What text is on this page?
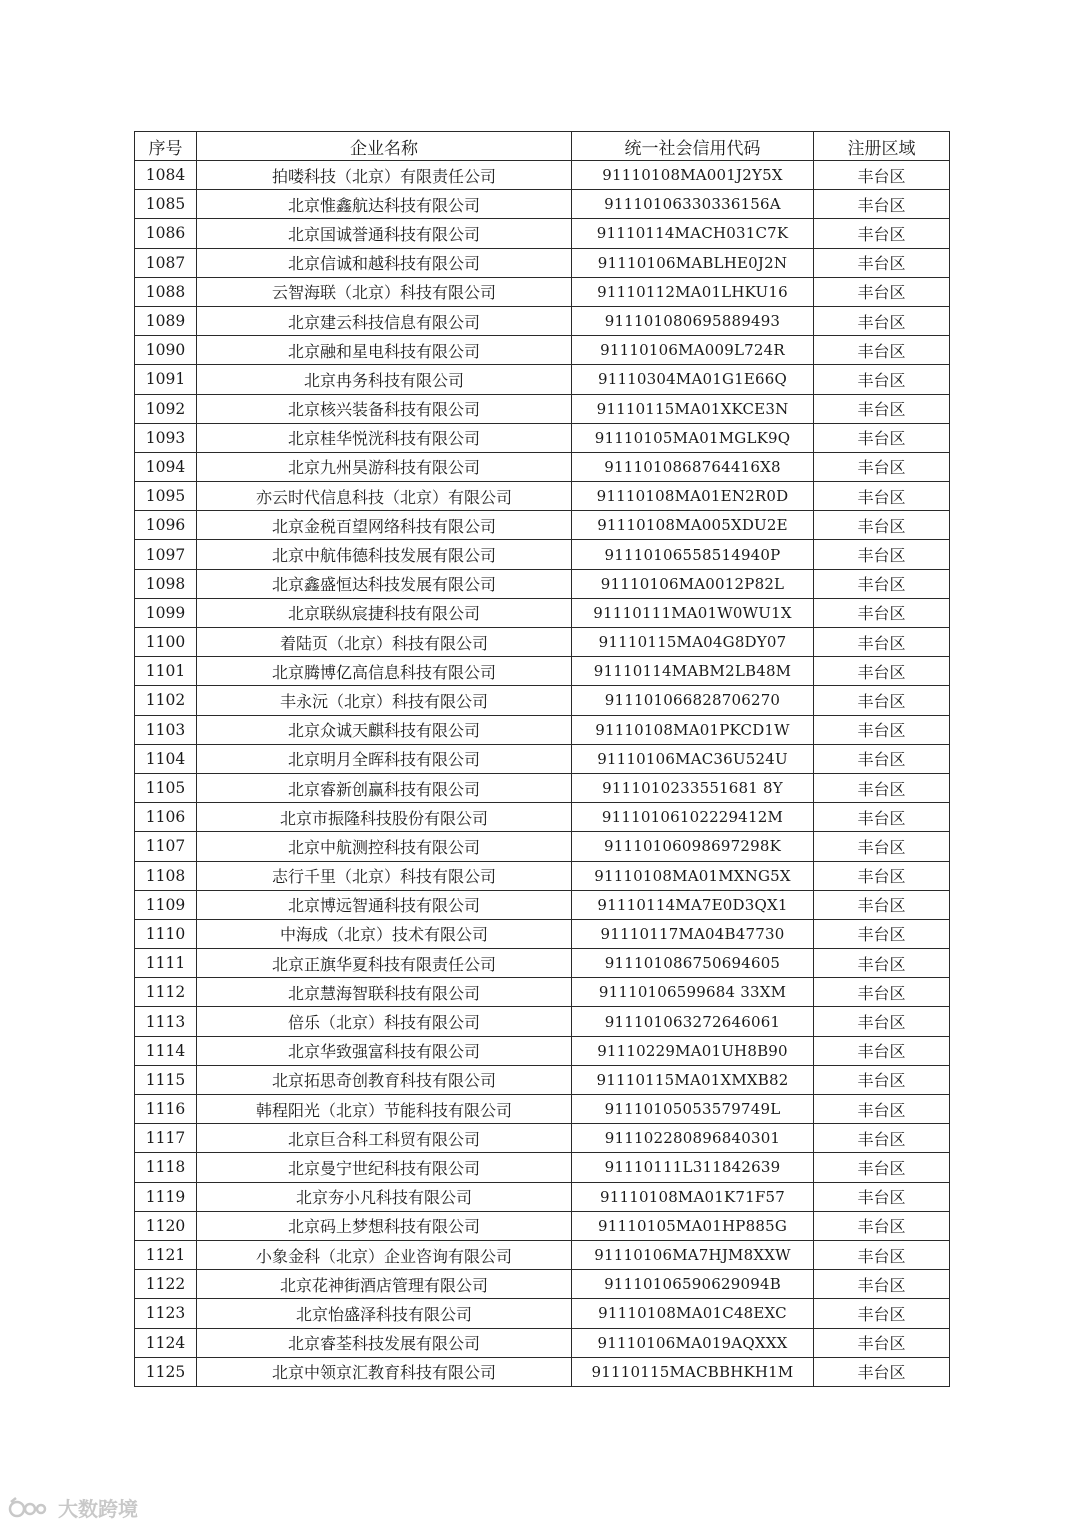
序号	企业名称	统一社会信用代码	注册区域
1084	拍喽科技（北京）有限责任公司	91110108MA001J2Y5X	丰台区
1085	北京惟鑫航达科技有限公司	91110106330336156A	丰台区
1086	北京国诚誉通科技有限公司	91110114MACH031C7K	丰台区
1087	北京信诚和越科技有限公司	91110106MABLHE0J2N	丰台区
1088	云智海联（北京）科技有限公司	91110112MA01LHKU16	丰台区
1089	北京建云科技信息有限公司	911101080695889493	丰台区
1090	北京融和星电科技有限公司	91110106MA009L724R	丰台区
1091	北京冉务科技有限公司	91110304MA01G1E66Q	丰台区
1092	北京核兴装备科技有限公司	91110115MA01XKCE3N	丰台区
1093	北京桂华悦洸科技有限公司	91110105MA01MGLK9Q	丰台区
1094	北京九州昊游科技有限公司	9111010868764416X8	丰台区
1095	亦云时代信息科技（北京）有限公司	91110108MA01EN2R0D	丰台区
1096	北京金税百望网络科技有限公司	91110108MA005XDU2E	丰台区
1097	北京中航伟德科技发展有限公司	91110106558514940P	丰台区
1098	北京鑫盛恒达科技发展有限公司	91110106MA0012P82L	丰台区
1099	北京联纵宸捷科技有限公司	91110111MA01W0WU1X	丰台区
1100	着陆页（北京）科技有限公司	91110115MA04G8DY07	丰台区
1101	北京腾博亿高信息科技有限公司	91110114MABM2LB48M	丰台区
1102	丰永沅（北京）科技有限公司	911101066828706270	丰台区
1103	北京众诚天麒科技有限公司	91110108MA01PKCD1W	丰台区
1104	北京明月全晖科技有限公司	91110106MAC36U524U	丰台区
1105	北京睿新创赢科技有限公司	9111010233551681 8Y	丰台区
1106	北京市振隆科技股份有限公司	91110106102229412M	丰台区
1107	北京中航测控科技有限公司	91110106098697298K	丰台区
1108	志行千里（北京）科技有限公司	91110108MA01MXNG5X	丰台区
1109	北京博远智通科技有限公司	91110114MA7E0D3QX1	丰台区
1110	中海成（北京）技术有限公司	91110117MA04B47730	丰台区
1111	北京正旗华夏科技有限责任公司	911101086750694605	丰台区
1112	北京慧海智联科技有限公司	91110106599684 33XM	丰台区
1113	倍乐（北京）科技有限公司	911101063272646061	丰台区
1114	北京华致强富科技有限公司	91110229MA01UH8B90	丰台区
1115	北京拓思奇创教育科技有限公司	91110115MA01XMXB82	丰台区
1116	韩程阳光（北京）节能科技有限公司	91110105053579749L	丰台区
1117	北京巨合科工科贸有限公司	911102280896840301	丰台区
1118	北京曼宁世纪科技有限公司	91110111L311842639	丰台区
1119	北京夯小凡科技有限公司	91110108MA01K71F57	丰台区
1120	北京码上梦想科技有限公司	91110105MA01HP885G	丰台区
1121	小象金科（北京）企业咨询有限公司	91110106MA7HJM8XXW	丰台区
1122	北京花神街酒店管理有限公司	91110106590629094B	丰台区
1123	北京怡盛泽科技有限公司	91110108MA01C48EXC	丰台区
1124	北京睿荃科技发展有限公司	91110106MA019AQXXX	丰台区
1125	北京中领京汇教育科技有限公司	91110115MACBBHKH1M	丰台区
大数跨境
